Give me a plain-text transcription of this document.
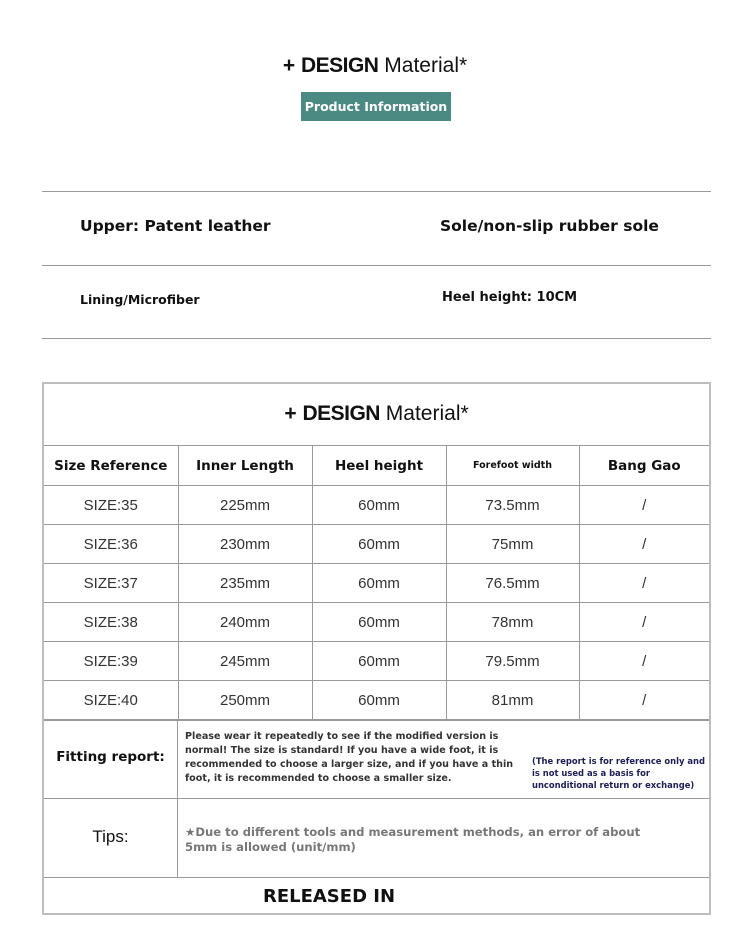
+ DESIGN Material*
Product Information
Upper: Patent leather	Sole/non-slip rubber sole
Lining/Microfiber	Heel height: 10CM
+ DESIGN Material*
Size Reference	Inner Length	Heel height	Forefoot width	Bang Gao
SIZE:35	225mm	60mm	73.5mm	/
SIZE:36	230mm	60mm	75mm	/
SIZE:37	235mm	60mm	76.5mm	/
SIZE:38	240mm	60mm	78mm	/
SIZE:39	245mm	60mm	79.5mm	/
SIZE:40	250mm	60mm	81mm	/
Fitting report:
Please wear it repeatedly to see if the modified version is normal! The size is standard! If you have a wide foot, it is recommended to choose a larger size, and if you have a thin foot, it is recommended to choose a smaller size.
(The report is for reference only and is not used as a basis for unconditional return or exchange)
Tips:	★Due to different tools and measurement methods, an error of about 5mm is allowed (unit/mm)
RELEASED IN
